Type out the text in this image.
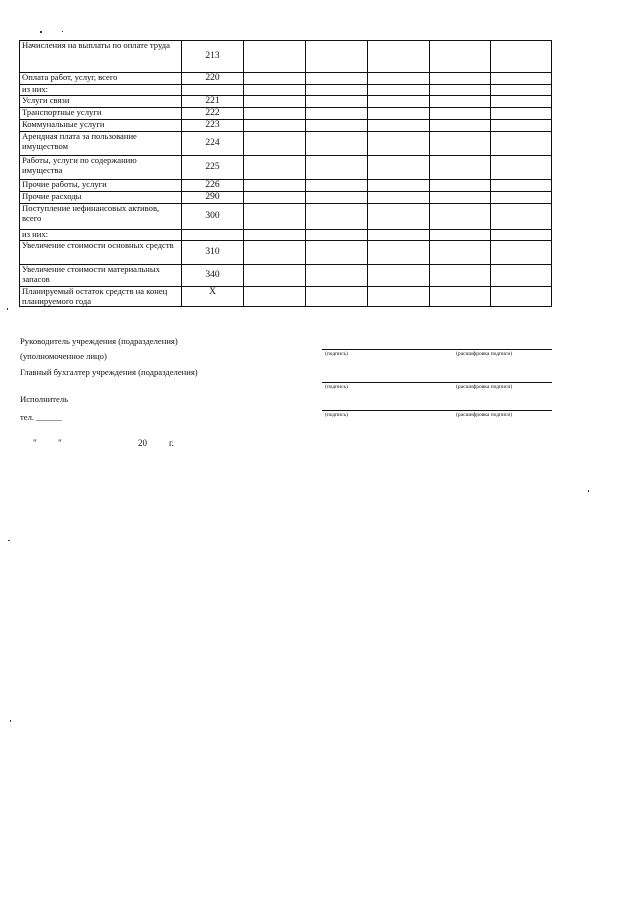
Начисления на выплаты по оплате труда	213					
Оплата работ, услуг, всего	220					
из них:						
Услуги связи	221					
Транспортные услуги	222					
Коммунальные услуги	223					
Арендная плата за пользование имуществом	224					
Работы, услуги по содержанию имущества	225					
Прочие работы, услуги	226					
Прочие расходы	290					
Поступление нефинансовых активов, всего	300					
из них:						
Увеличение стоимости основных средств	310					
Увеличение стоимости материальных запасов	340					
Планируемый остаток средств на конец планируемого года	X					
Руководитель учреждения (подразделения)
(уполномоченное лицо)	(подпись)	(расшифровка подписи)
Главный бухгалтер учреждения (подразделения)
(подпись)	(расшифровка подписи)
Исполнитель
(подпись)	(расшифровка подписи)
тел. ______
" "	20 г.
